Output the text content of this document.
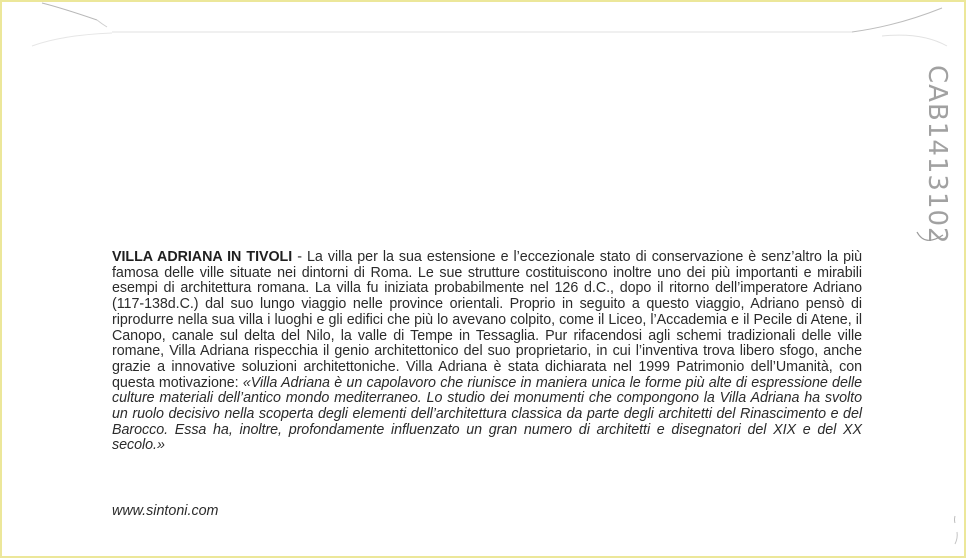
CAB1413102
VILLA ADRIANA IN TIVOLI - La villa per la sua estensione e l’eccezionale stato di conservazione è senz’altro la più famosa delle ville situate nei dintorni di Roma. Le sue strutture costituiscono inoltre uno dei più importanti e mirabili esempi di architettura romana. La villa fu iniziata probabilmente nel 126 d.C., dopo il ritorno dell’imperatore Adriano (117-138d.C.) dal suo lungo viaggio nelle province orientali. Proprio in seguito a questo viaggio, Adriano pensò di riprodurre nella sua villa i luoghi e gli edifici che più lo avevano colpito, come il Liceo, l’Accademia e il Pecile di Atene, il Canopo, canale sul delta del Nilo, la valle di Tempe in Tessaglia. Pur rifacendosi agli schemi tradizionali delle ville romane, Villa Adriana rispecchia il genio architettonico del suo proprietario, in cui l’inventiva trova libero sfogo, anche grazie a innovative soluzioni architettoniche. Villa Adriana è stata dichiarata nel 1999 Patrimonio dell’Umanità, con questa motivazione: «Villa Adriana è un capolavoro che riunisce in maniera unica le forme più alte di espressione delle culture materiali dell’antico mondo mediterraneo. Lo studio dei monumenti che compongono la Villa Adriana ha svolto un ruolo decisivo nella scoperta degli elementi dell’architettura classica da parte degli architetti del Rinascimento e del Barocco. Essa ha, inoltre, profondamente influenzato un gran numero di architetti e disegnatori del XIX e del XX secolo.»
www.sintoni.com
